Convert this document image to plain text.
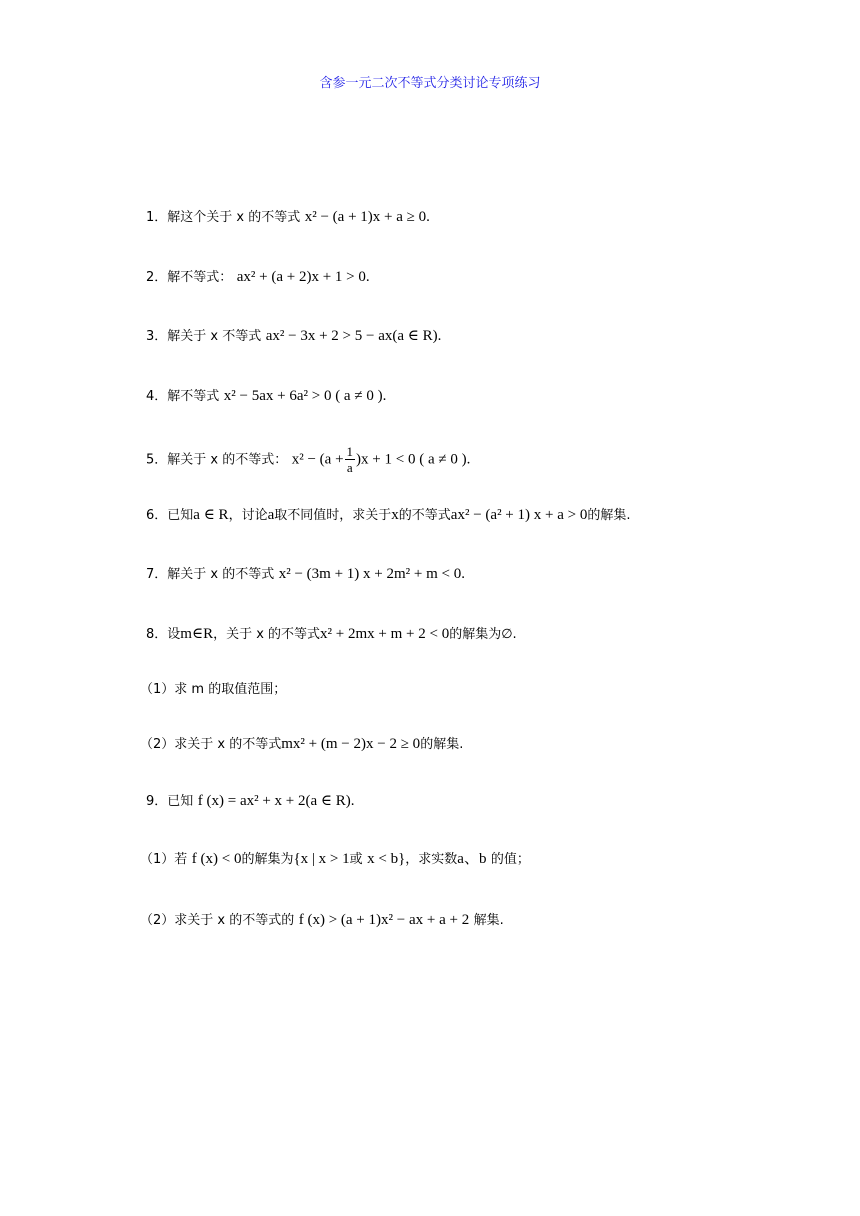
含参一元二次不等式分类讨论专项练习
1．解这个关于 x 的不等式 x² − (a + 1)x + a ≥ 0.
2．解不等式： ax² + (a + 2)x + 1 > 0.
3．解关于 x 不等式 ax² − 3x + 2 > 5 − ax(a ∈ R).
4．解不等式 x² − 5ax + 6a² > 0 ( a ≠ 0 ).
5．解关于 x 的不等式： $x^2 - (a + \frac{1}{a} )x + 1 < 0$ ( a ≠ 0 ).
6．已知a ∈ R，讨论a取不同值时，求关于x的不等式ax² − (a² + 1) x + a > 0的解集.
7．解关于 x 的不等式 x² − (3m + 1) x + 2m² + m < 0.
8．设m∈R，关于 x 的不等式x² + 2mx + m + 2 < 0的解集为∅.
（1）求 m 的取值范围；
（2）求关于 x 的不等式mx² + (m − 2)x − 2 ≥ 0的解集.
9．已知 f (x) = ax² + x + 2(a ∈ R).
（1）若 f (x) < 0的解集为{x | x > 1或 x < b}，求实数a、b 的值；
（2）求关于 x 的不等式的 f (x) > (a + 1)x² − ax + a + 2 解集.
